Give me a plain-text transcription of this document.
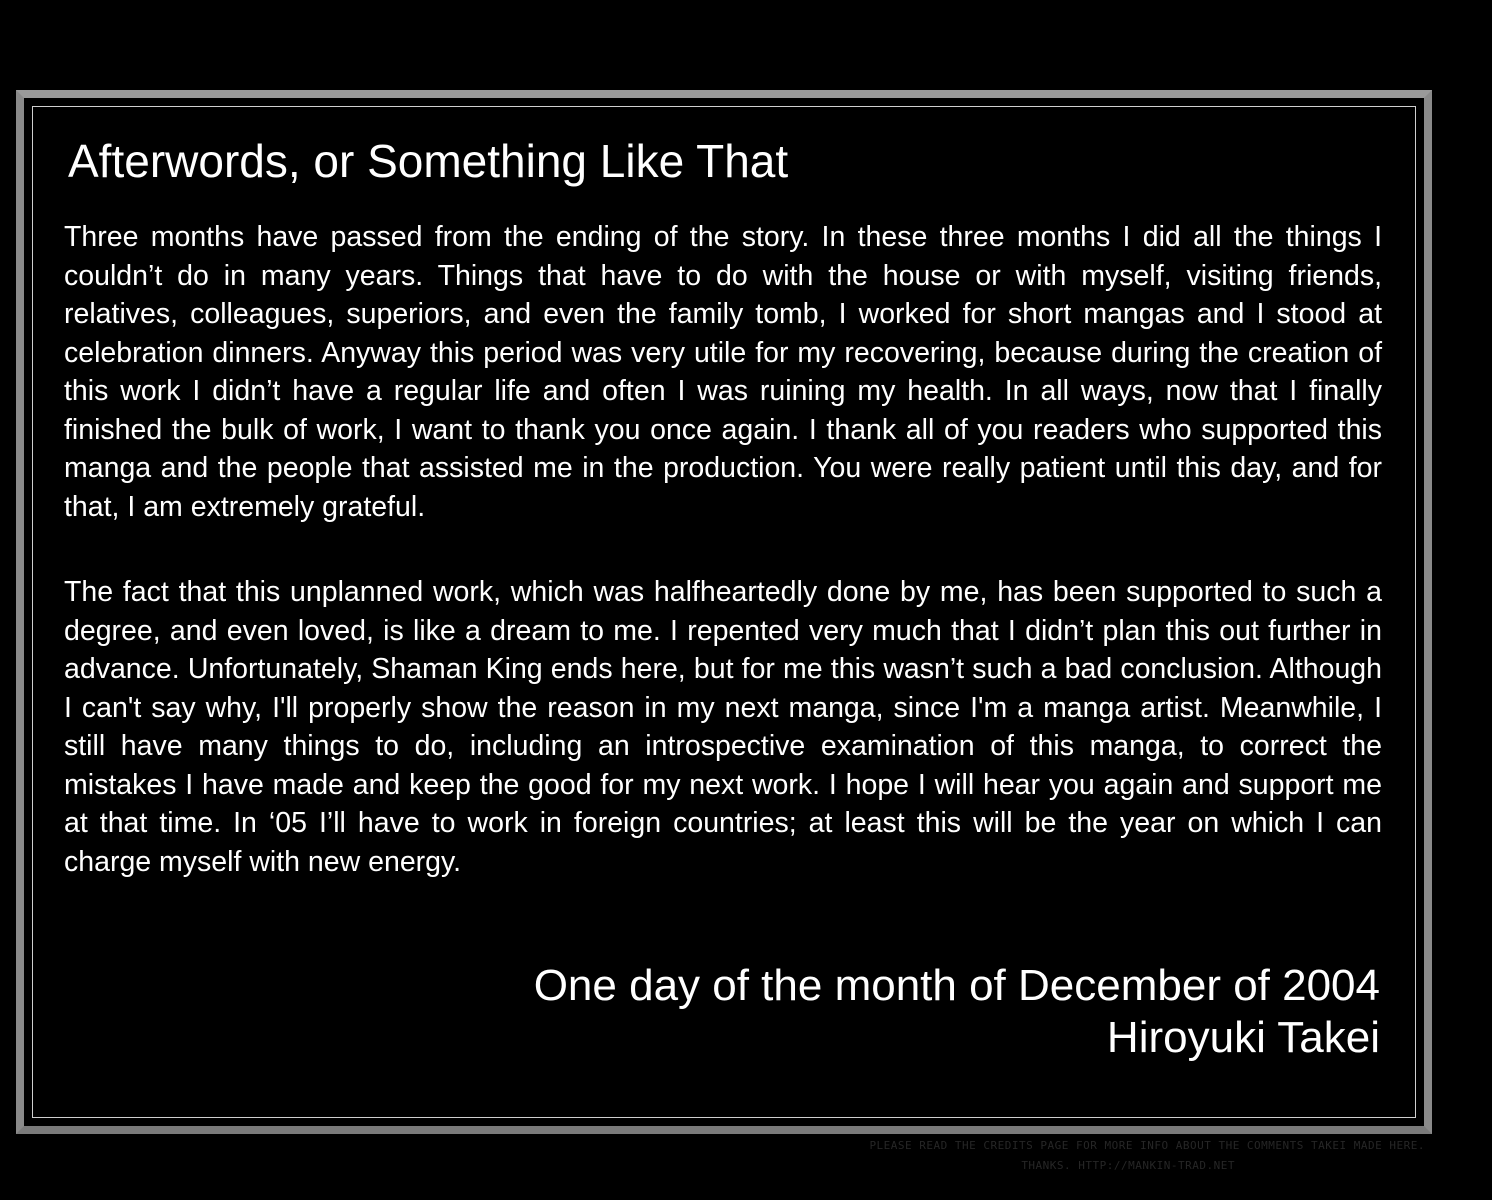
Afterwords, or Something Like That

Three months have passed from the ending of the story. In these three months I did all the things I couldn’t do in many years. Things that have to do with the house or with myself, visiting friends, relatives, colleagues, superiors, and even the family tomb, I worked for short mangas and I stood at celebration dinners. Anyway this period was very utile for my recovering, because during the creation of this work I didn’t have a regular life and often I was ruining my health. In all ways, now that I finally finished the bulk of work, I want to thank you once again. I thank all of you readers who supported this manga and the people that assisted me in the production. You were really patient until this day, and for that, I am extremely grateful.

The fact that this unplanned work, which was halfheartedly done by me, has been supported to such a degree, and even loved, is like a dream to me. I repented very much that I didn’t plan this out further in advance. Unfortunately, Shaman King ends here, but for me this wasn’t such a bad conclusion. Although I can't say why, I'll properly show the reason in my next manga, since I'm a manga artist. Meanwhile, I still have many things to do, including an introspective examination of this manga, to correct the mistakes I have made and keep the good for my next work. I hope I will hear you again and support me at that time. In ‘05 I’ll have to work in foreign countries; at least this will be the year on which I can charge myself with new energy.

One day of the month of December of 2004
Hiroyuki Takei
PLEASE READ THE CREDITS PAGE FOR MORE INFO ABOUT THE COMMENTS TAKEI MADE HERE.
THANKS. HTTP://MANKIN-TRAD.NET
